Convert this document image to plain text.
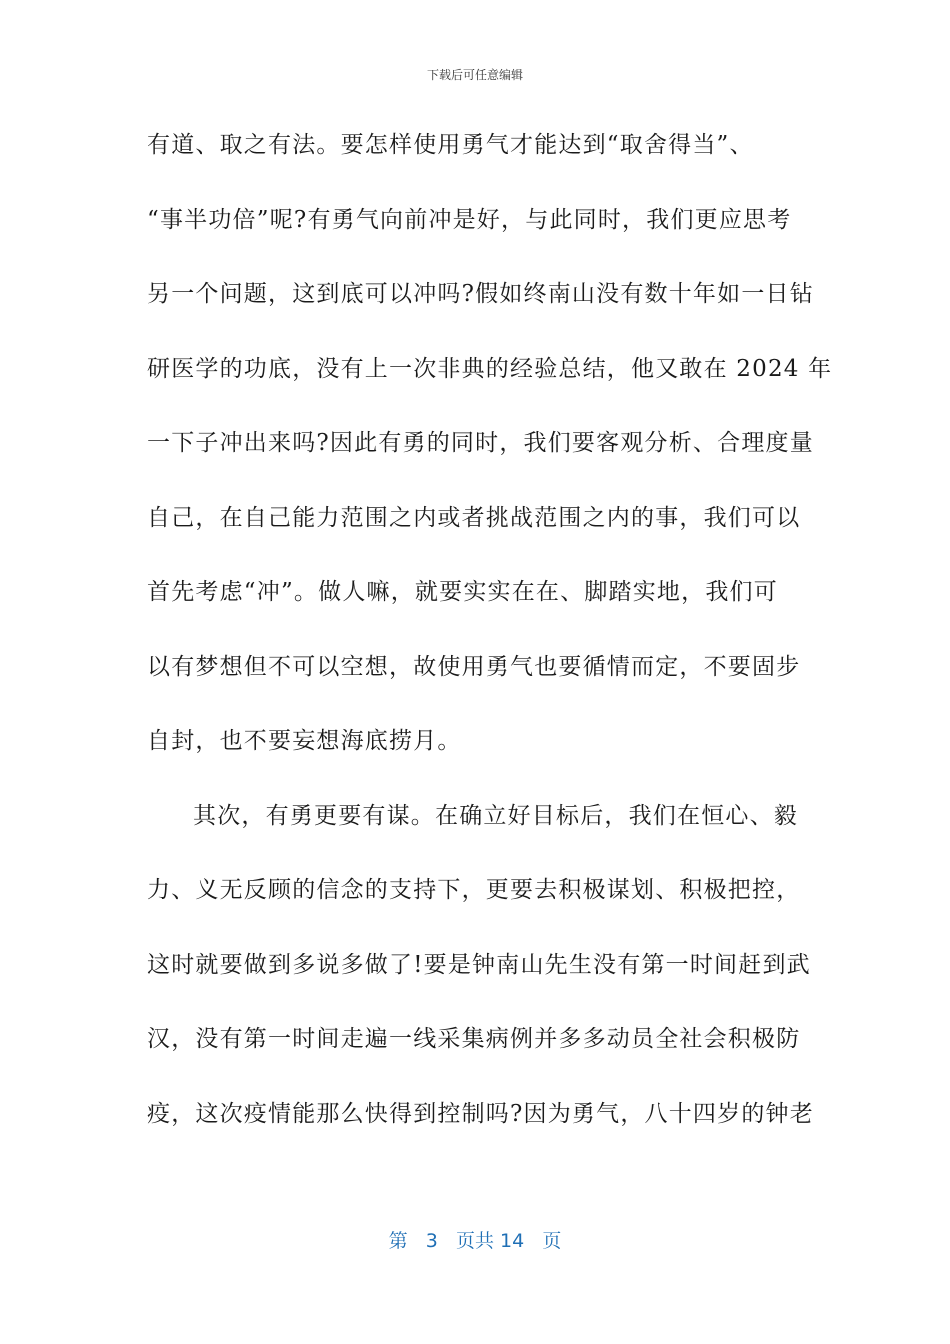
下载后可任意编辑
有道、取之有法。要怎样使用勇气才能达到“取舍得当”、
“事半功倍”呢?有勇气向前冲是好，与此同时，我们更应思考
另一个问题，这到底可以冲吗?假如终南山没有数十年如一日钻
研医学的功底，没有上一次非典的经验总结，他又敢在 2024 年
一下子冲出来吗?因此有勇的同时，我们要客观分析、合理度量
自己，在自己能力范围之内或者挑战范围之内的事，我们可以
首先考虑“冲”。做人嘛，就要实实在在、脚踏实地，我们可
以有梦想但不可以空想，故使用勇气也要循情而定，不要固步
自封，也不要妄想海底捞月。
其次，有勇更要有谋。在确立好目标后，我们在恒心、毅
力、义无反顾的信念的支持下，更要去积极谋划、积极把控，
这时就要做到多说多做了!要是钟南山先生没有第一时间赶到武
汉，没有第一时间走遍一线采集病例并多多动员全社会积极防
疫，这次疫情能那么快得到控制吗?因为勇气，八十四岁的钟老
第 3 页共 14 页
